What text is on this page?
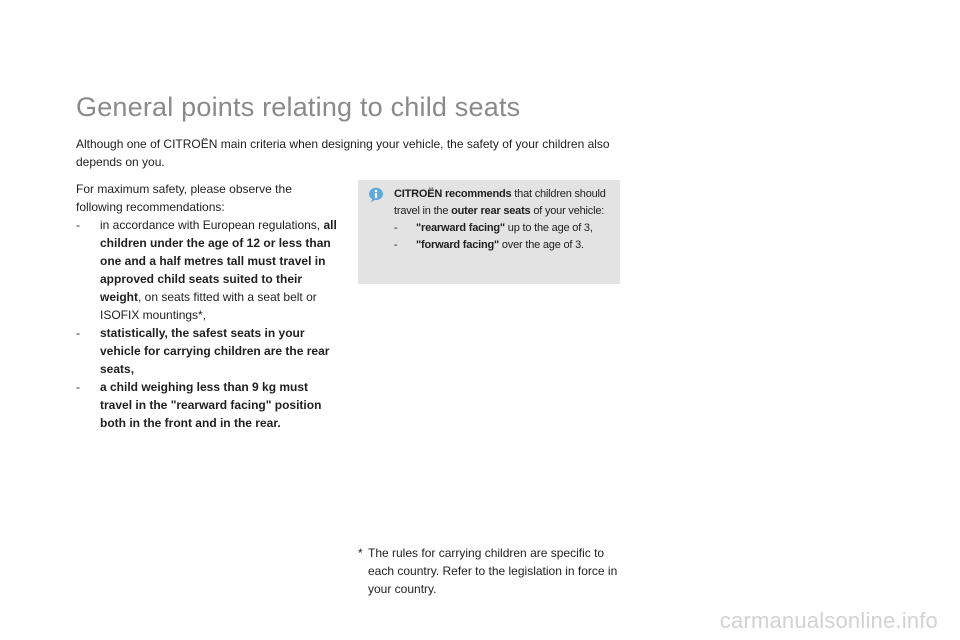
General points relating to child seats
Although one of CITROËN main criteria when designing your vehicle, the safety of your children also depends on you.

For maximum safety, please observe the following recommendations:

- in accordance with European regulations, all children under the age of 12 or less than one and a half metres tall must travel in approved child seats suited to their weight, on seats fitted with a seat belt or ISOFIX mountings*,
- statistically, the safest seats in your vehicle for carrying children are the rear seats,
- a child weighing less than 9 kg must travel in the "rearward facing" position both in the front and in the rear.

CITROËN recommends that children should travel in the outer rear seats of your vehicle:

- "rearward facing" up to the age of 3,
- "forward facing" over the age of 3.
* The rules for carrying children are specific to each country. Refer to the legislation in force in your country.
carmanualsonline.info
